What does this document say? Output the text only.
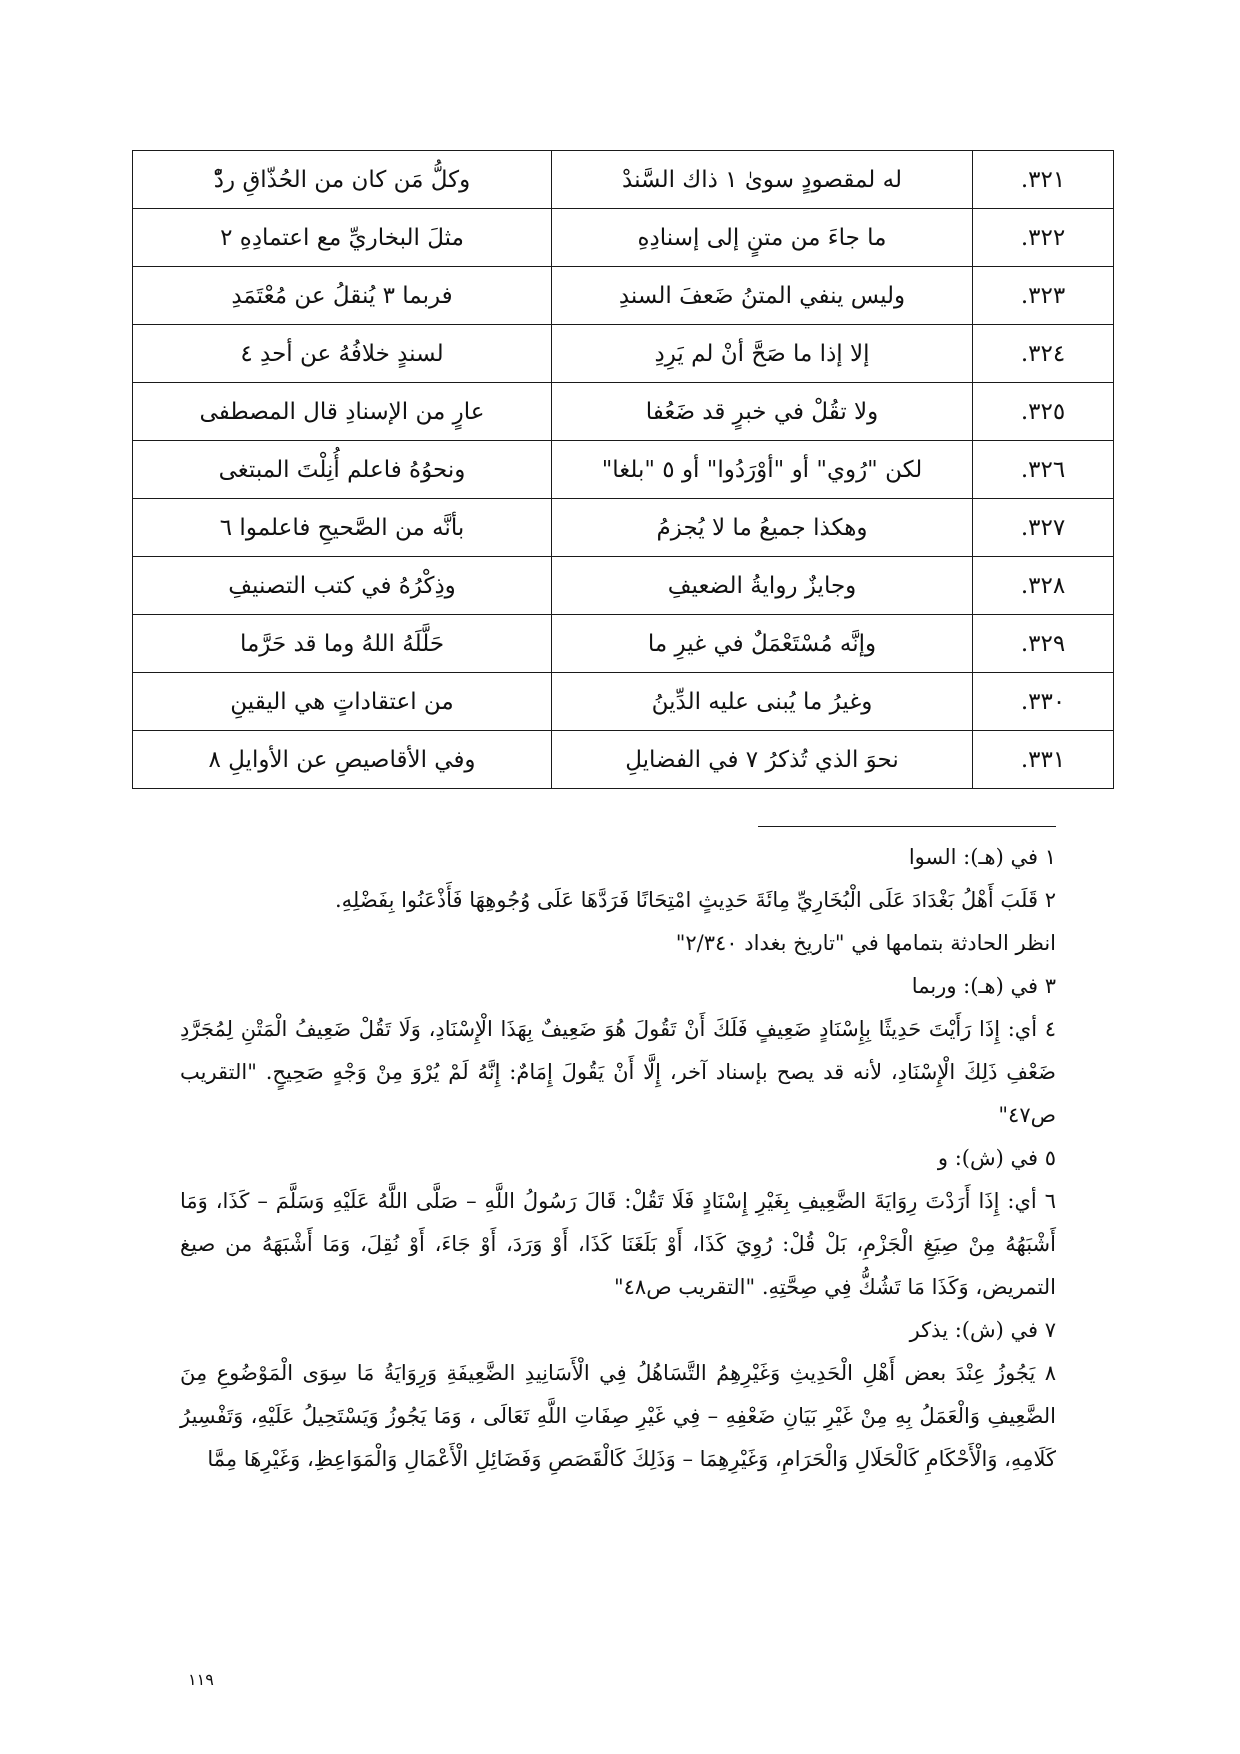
٣٢١.	له لمقصودٍ سوىٰ ١ ذاك السَّندْ	وكلُّ مَن كان من الحُذّاقِ ردّْ
٣٢٢.	ما جاءَ من متنٍ إلى إسنادِهِ	مثلَ البخاريِّ مع اعتمادِهِ ٢
٣٢٣.	وليس ينفي المتنُ ضَعفَ السندِ	فربما ٣ يُنقلُ عن مُعْتَمَدِ
٣٢٤.	إلا إذا ما صَحَّ أنْ لم يَرِدِ	لسندٍ خلافُهُ عن أحدِ ٤
٣٢٥.	ولا تقُلْ في خبرٍ قد ضَعُفا	عارٍ من الإسنادِ قال المصطفى
٣٢٦.	لكن "رُوي" أو "أوْرَدُوا" أو ٥ "بلغا"	ونحوُهُ فاعلم أُنِلْتَ المبتغى
٣٢٧.	وهكذا جميعُ ما لا يُجزمُ	بأنَّه من الصَّحيحِ فاعلموا ٦
٣٢٨.	وجايزٌ روايةُ الضعيفِ	وذِكْرُهُ في كتب التصنيفِ
٣٢٩.	وإنَّه مُسْتَعْمَلٌ في غيرِ ما	حَلَّلَهُ اللهُ وما قد حَرَّما
٣٣٠.	وغيرُ ما يُبنى عليه الدِّينُ	من اعتقاداتٍ هي اليقينِ
٣٣١.	نحوَ الذي تُذكرُ ٧ في الفضايلِ	وفي الأقاصيصِ عن الأوايلِ ٨

١ في (هـ): السوا

٢ قَلَبَ أَهْلُ بَغْدَادَ عَلَى الْبُخَارِيِّ مِائَةَ حَدِيثٍ امْتِحَانًا فَرَدَّهَا عَلَى وُجُوهِهَا فَأَذْعَنُوا بِفَضْلِهِ.

انظر الحادثة بتمامها في "تاريخ بغداد ٢/٣٤٠"

٣ في (هـ): وربما

٤ أي: إِذَا رَأَيْتَ حَدِيثًا بِإِسْنَادٍ ضَعِيفٍ فَلَكَ أَنْ تَقُولَ هُوَ ضَعِيفٌ بِهَذَا الْإِسْنَادِ، وَلَا تَقُلْ ضَعِيفُ الْمَتْنِ لِمُجَرَّدِ ضَعْفِ ذَلِكَ الْإِسْنَادِ، لأنه قد يصح بإسناد آخر، إِلَّا أَنْ يَقُولَ إِمَامٌ: إِنَّهُ لَمْ يُرْوَ مِنْ وَجْهٍ صَحِيحٍ. "التقريب ص٤٧"

٥ في (ش): و

٦ أي: إِذَا أَرَدْتَ رِوَايَةَ الضَّعِيفِ بِغَيْرِ إِسْنَادٍ فَلَا تَقُلْ: قَالَ رَسُولُ اللَّهِ – صَلَّى اللَّهُ عَلَيْهِ وَسَلَّمَ – كَذَا، وَمَا أَشْبَهُهُ مِنْ صِيَغِ الْجَزْمِ، بَلْ قُلْ: رُوِيَ كَذَا، أَوْ بَلَغَنَا كَذَا، أَوْ وَرَدَ، أَوْ جَاءَ، أَوْ نُقِلَ، وَمَا أَشْبَهَهُ من صيغ التمريض، وَكَذَا مَا تَشُكُّ فِي صِحَّتِهِ. "التقريب ص٤٨"

٧ في (ش): يذكر

٨ يَجُوزُ عِنْدَ بعض أَهْلِ الْحَدِيثِ وَغَيْرِهِمُ التَّسَاهُلُ فِي الْأَسَانِيدِ الضَّعِيفَةِ وَرِوَايَةُ مَا سِوَى الْمَوْضُوعِ مِنَ الضَّعِيفِ وَالْعَمَلُ بِهِ مِنْ غَيْرِ بَيَانِ ضَعْفِهِ – فِي غَيْرِ صِفَاتِ اللَّهِ تَعَالَى ، وَمَا يَجُوزُ وَيَسْتَحِيلُ عَلَيْهِ، وَتَفْسِيرُ كَلَامِهِ، وَالْأَحْكَامِ كَالْحَلَالِ وَالْحَرَامِ، وَغَيْرِهِمَا – وَذَلِكَ كَالْقَصَصِ وَفَضَائِلِ الْأَعْمَالِ وَالْمَوَاعِظِ، وَغَيْرِهَا مِمَّا

١١٩
